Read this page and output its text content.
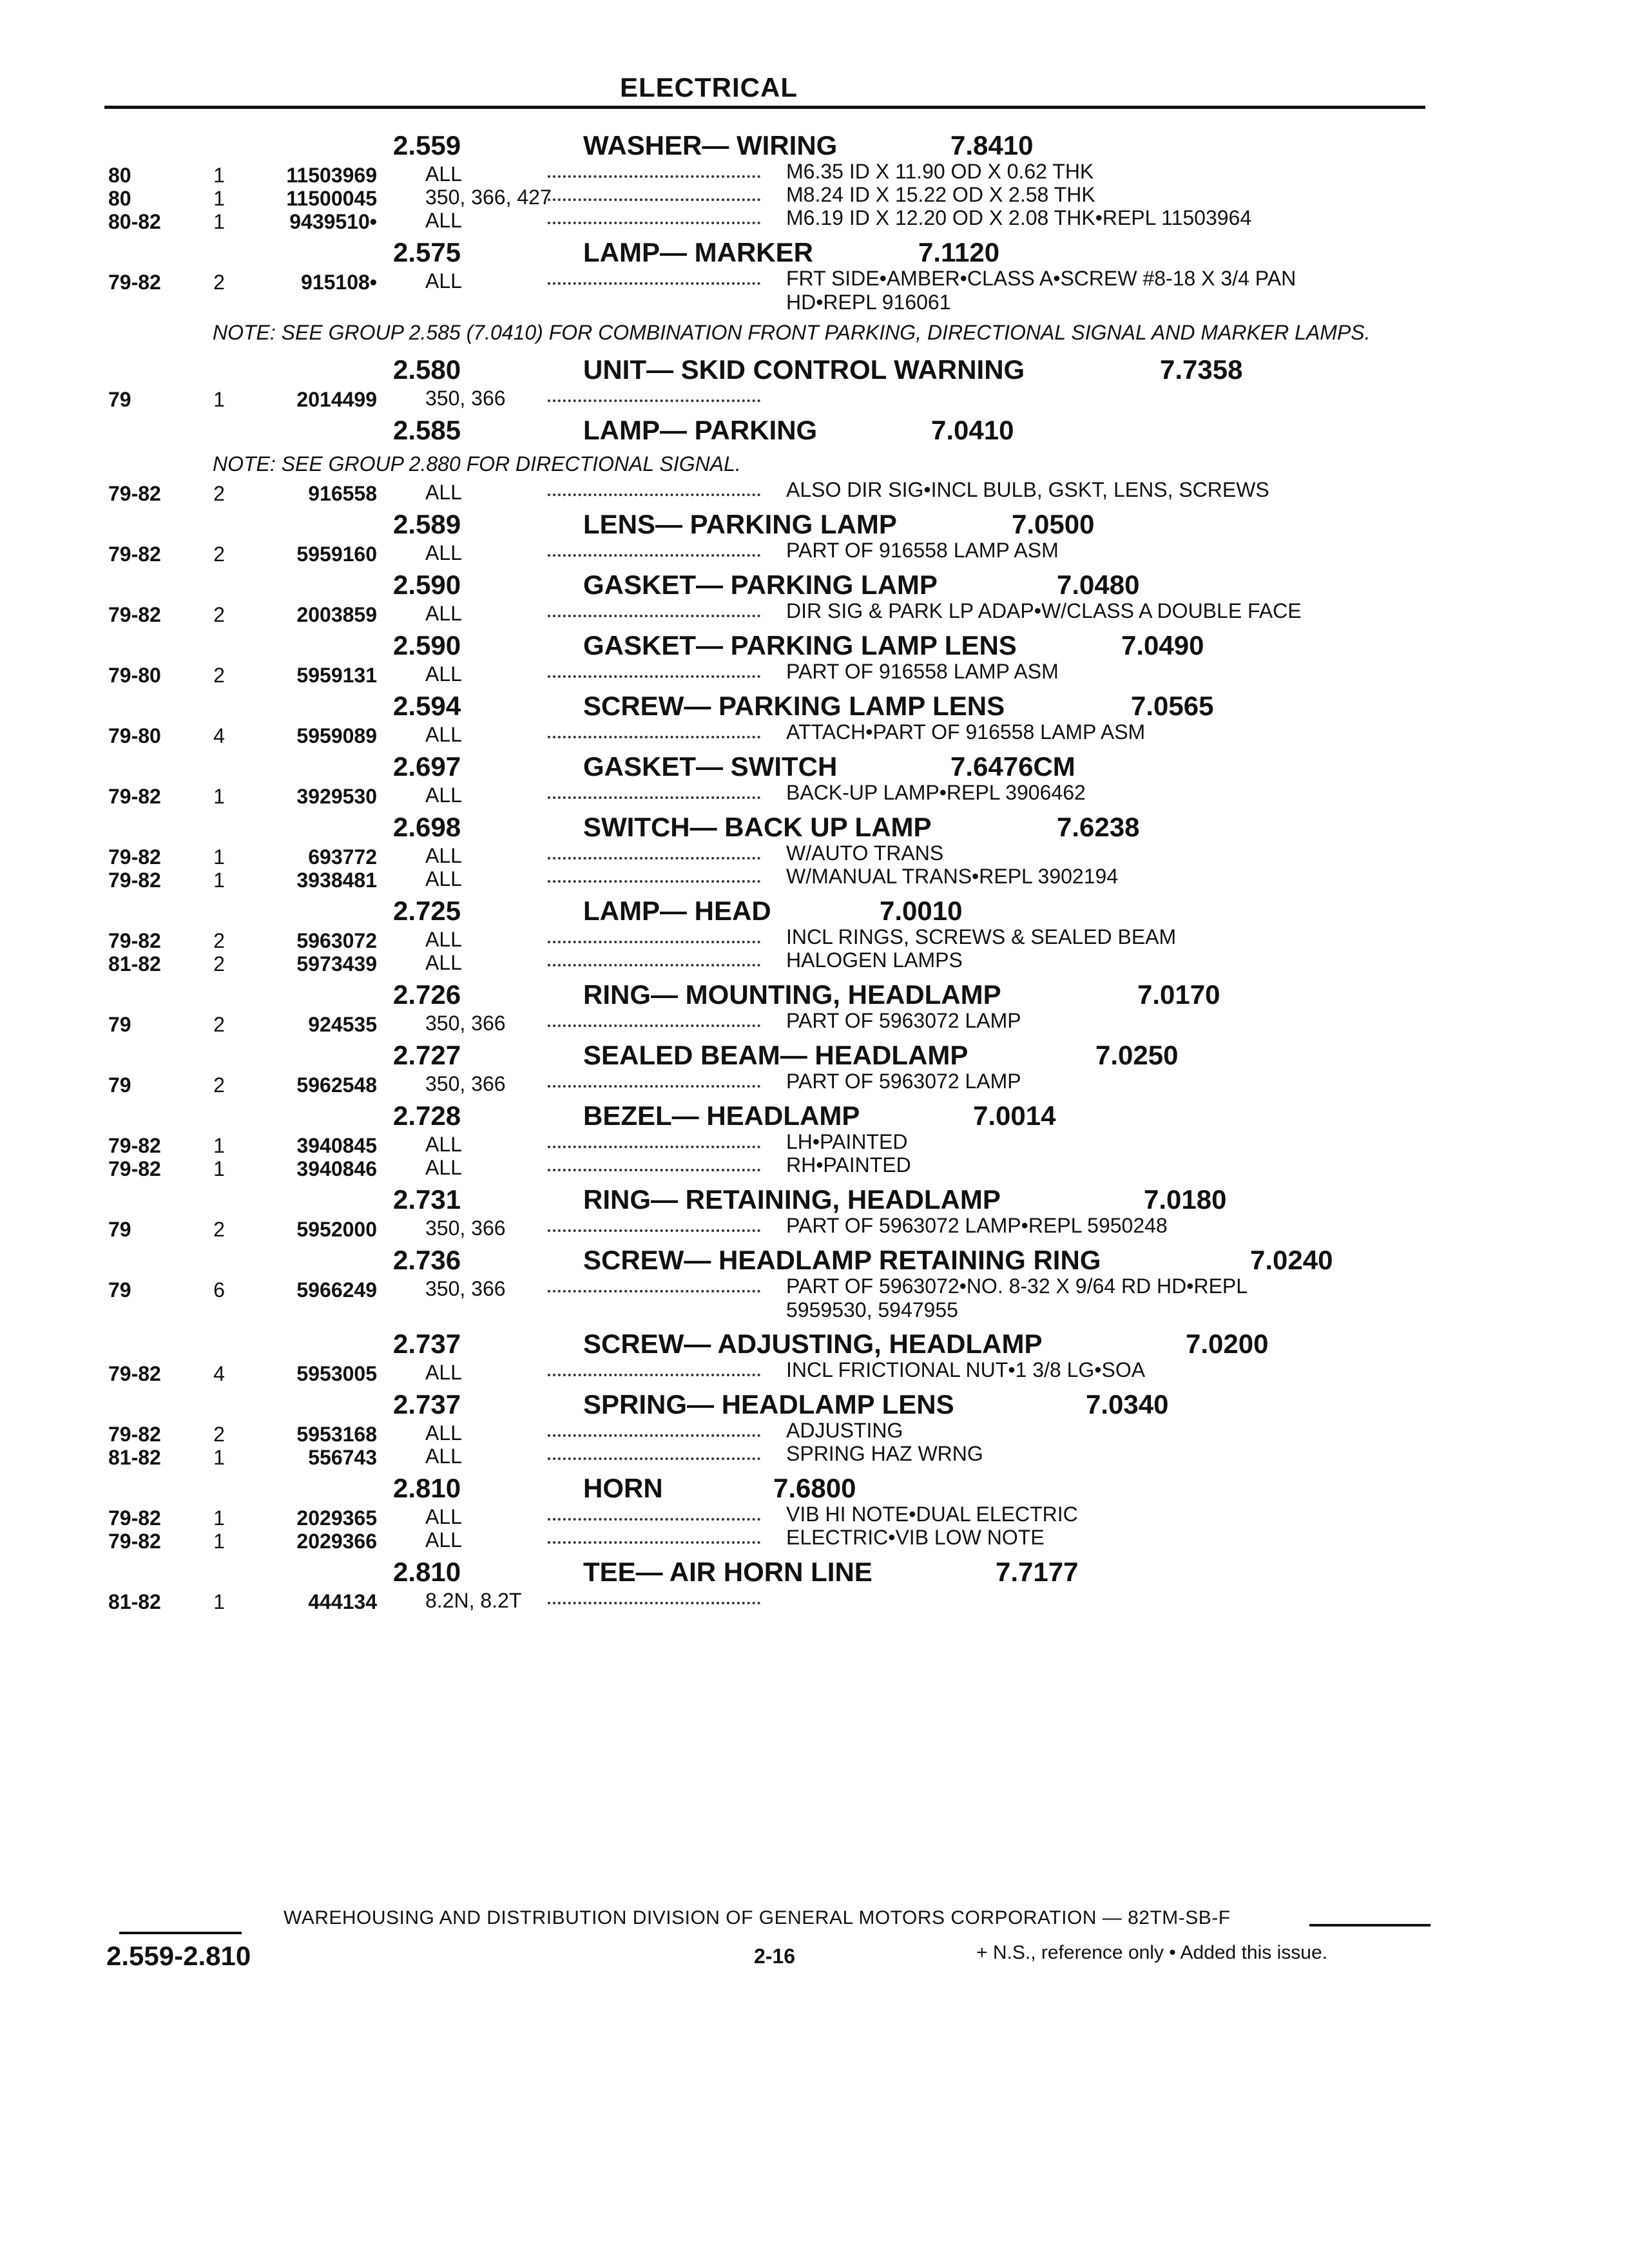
ELECTRICAL
2.559	WASHER— WIRING	7.8410
80	1	11503969 ALL	M6.35 ID X 11.90 OD X 0.62 THK
80	1	11500045 350, 366, 427	M8.24 ID X 15.22 OD X 2.58 THK
80-82	1	9439510• ALL	M6.19 ID X 12.20 OD X 2.08 THK•REPL 11503964
2.575	LAMP— MARKER	7.1120
79-82	2	915108• ALL	FRT SIDE•AMBER•CLASS A•SCREW #8-18 X 3/4 PAN
HD•REPL 916061
NOTE: SEE GROUP 2.585 (7.0410) FOR COMBINATION FRONT PARKING, DIRECTIONAL SIGNAL AND MARKER LAMPS.
2.580	UNIT— SKID CONTROL WARNING	7.7358
79	1	2014499 350, 366
2.585	LAMP— PARKING	7.0410
NOTE: SEE GROUP 2.880 FOR DIRECTIONAL SIGNAL.
79-82	2	916558 ALL	ALSO DIR SIG•INCL BULB, GSKT, LENS, SCREWS
2.589	LENS— PARKING LAMP	7.0500
79-82	2	5959160 ALL	PART OF 916558 LAMP ASM
2.590	GASKET— PARKING LAMP	7.0480
79-82	2	2003859 ALL	DIR SIG & PARK LP ADAP•W/CLASS A DOUBLE FACE
2.590	GASKET— PARKING LAMP LENS	7.0490
79-80	2	5959131 ALL	PART OF 916558 LAMP ASM
2.594	SCREW— PARKING LAMP LENS	7.0565
79-80	4	5959089 ALL	ATTACH•PART OF 916558 LAMP ASM
2.697	GASKET— SWITCH	7.6476CM
79-82	1	3929530 ALL	BACK-UP LAMP•REPL 3906462
2.698	SWITCH— BACK UP LAMP	7.6238
79-82	1	693772 ALL	W/AUTO TRANS
79-82	1	3938481 ALL	W/MANUAL TRANS•REPL 3902194
2.725	LAMP— HEAD	7.0010
79-82	2	5963072 ALL	INCL RINGS, SCREWS & SEALED BEAM
81-82	2	5973439 ALL	HALOGEN LAMPS
2.726	RING— MOUNTING, HEADLAMP	7.0170
79	2	924535 350, 366	PART OF 5963072 LAMP
2.727	SEALED BEAM— HEADLAMP	7.0250
79	2	5962548 350, 366	PART OF 5963072 LAMP
2.728	BEZEL— HEADLAMP	7.0014
79-82	1	3940845 ALL	LH•PAINTED
79-82	1	3940846 ALL	RH•PAINTED
2.731	RING— RETAINING, HEADLAMP	7.0180
79	2	5952000 350, 366	PART OF 5963072 LAMP•REPL 5950248
2.736	SCREW— HEADLAMP RETAINING RING	7.0240
79	6	5966249 350, 366	PART OF 5963072•NO. 8-32 X 9/64 RD HD•REPL
5959530, 5947955
2.737	SCREW— ADJUSTING, HEADLAMP	7.0200
79-82	4	5953005 ALL	INCL FRICTIONAL NUT•1 3/8 LG•SOA
2.737	SPRING— HEADLAMP LENS	7.0340
79-82	2	5953168 ALL	ADJUSTING
81-82	1	556743 ALL	SPRING HAZ WRNG
2.810	HORN	7.6800
79-82	1	2029365 ALL	VIB HI NOTE•DUAL ELECTRIC
79-82	1	2029366 ALL	ELECTRIC•VIB LOW NOTE
2.810	TEE— AIR HORN LINE	7.7177
81-82	1	444134 8.2N, 8.2T
WAREHOUSING AND DISTRIBUTION DIVISION OF GENERAL MOTORS CORPORATION — 82TM-SB-F
2.559-2.810	2-16	+ N.S., reference only • Added this issue.
